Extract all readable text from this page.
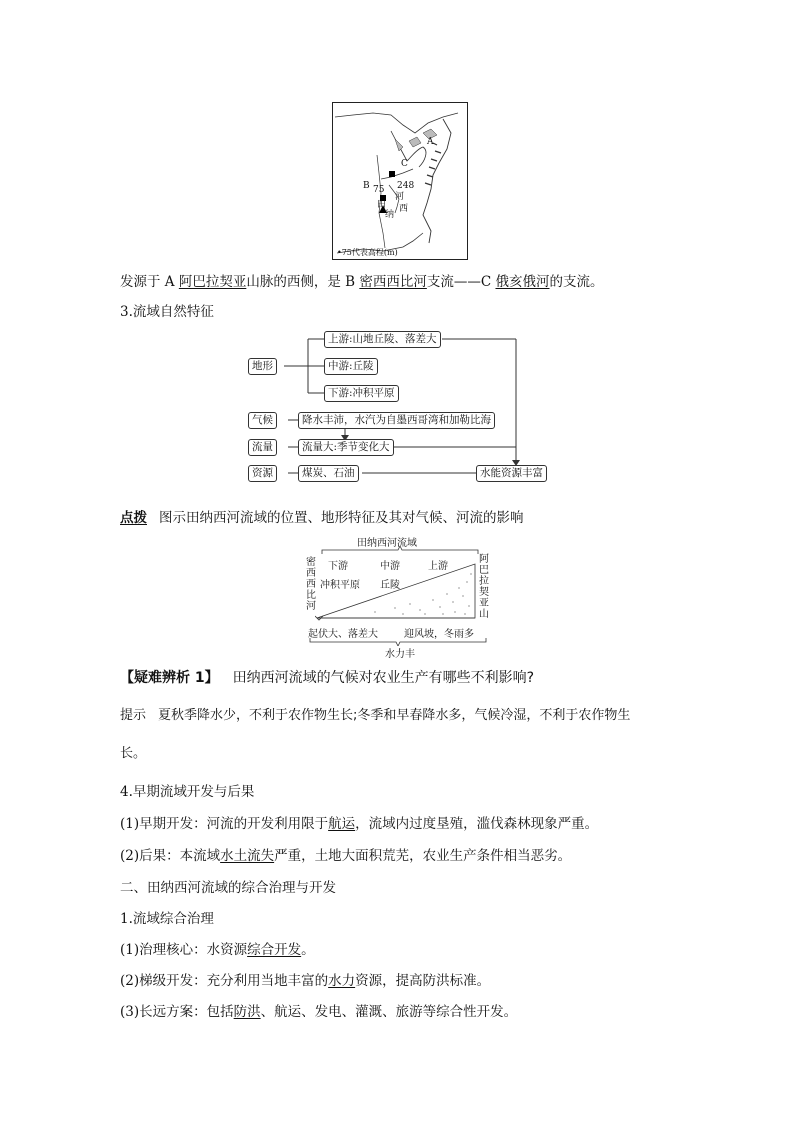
A
C
B 75 248
田
纳
西
河
•75代表高程(m)
发源于 A 阿巴拉契亚山脉的西侧，是 B 密西西比河支流——C 俄亥俄河的支流。
3.流域自然特征
地形
上游:山地丘陵、落差大
中游:丘陵
下游:冲积平原
气候	降水丰沛，水汽为自墨西哥湾和加勒比海
流量	流量大:季节变化大
资源	煤炭、石油	水能资源丰富
点拨 图示田纳西河流域的位置、地形特征及其对气候、河流的影响
田纳西河流域
下游	中游	上游
冲积平原 丘陵
密西西比河
阿巴拉契亚山
起伏大、落差大	迎风坡，冬雨多
水力丰
【疑难辨析 1】 田纳西河流域的气候对农业生产有哪些不利影响?
提示 夏秋季降水少，不利于农作物生长;冬季和早春降水多，气候冷湿，不利于农作物生
长。
4.早期流域开发与后果
(1)早期开发：河流的开发利用限于航运，流域内过度垦殖，滥伐森林现象严重。
(2)后果：本流域水土流失严重，土地大面积荒芜，农业生产条件相当恶劣。
二、田纳西河流域的综合治理与开发
1.流域综合治理
(1)治理核心：水资源综合开发。
(2)梯级开发：充分利用当地丰富的水力资源，提高防洪标准。
(3)长远方案：包括防洪、航运、发电、灌溉、旅游等综合性开发。
